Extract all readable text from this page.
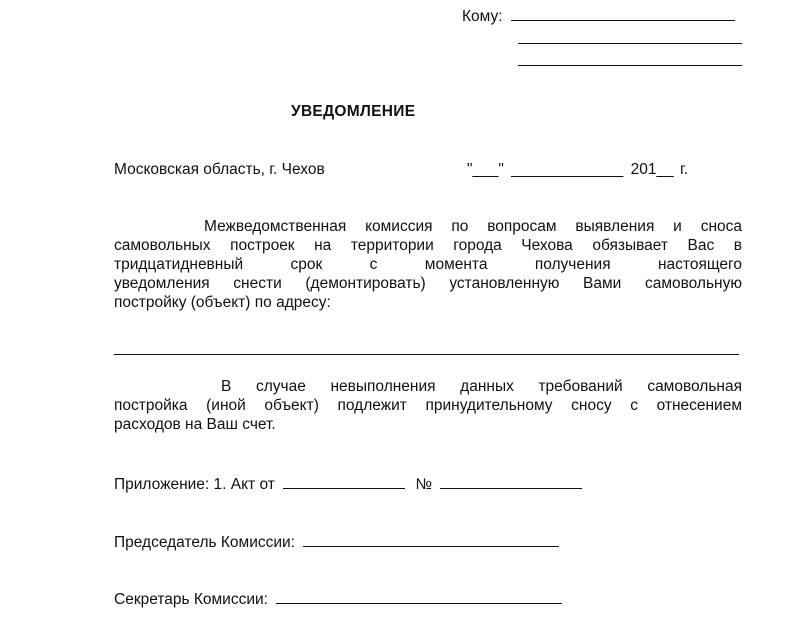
Кому:
УВЕДОМЛЕНИЕ
Московская область, г. Чехов	"___" _____________ 201__ г.
Межведомственная комиссия по вопросам выявления и сноса
самовольных построек на территории города Чехова обязывает Вас в
тридцатидневный срок с момента получения настоящего
уведомления снести (демонтировать) установленную Вами самовольную
постройку (объект) по адресу:
В случае невыполнения данных требований самовольная
постройка (иной объект) подлежит принудительному сносу с отнесением
расходов на Ваш счет.
Приложение: 1. Акт от	№
Председатель Комиссии:
Секретарь Комиссии:
